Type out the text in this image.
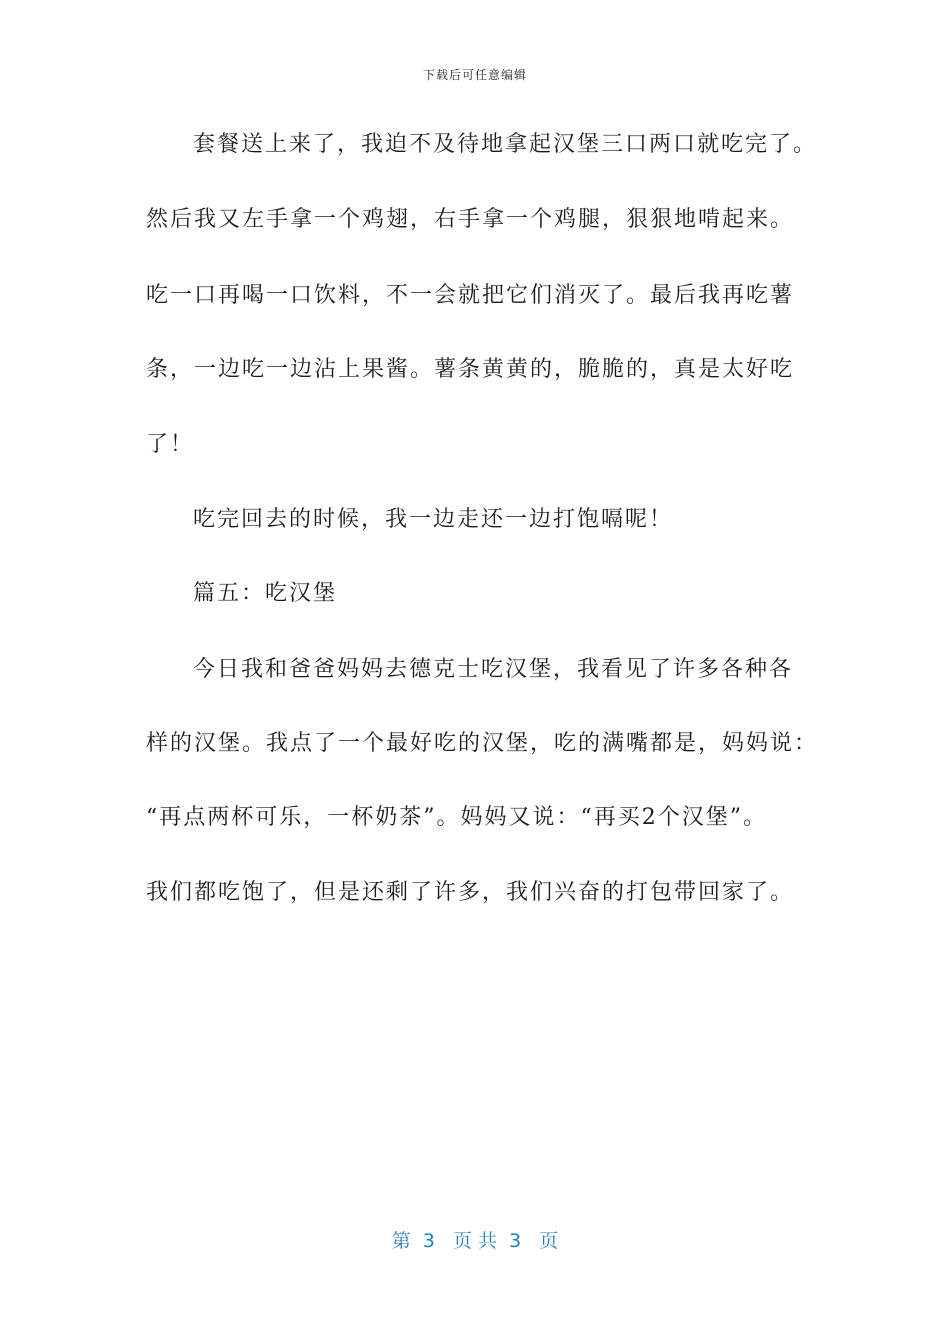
下载后可任意编辑
套餐送上来了，我迫不及待地拿起汉堡三口两口就吃完了。
然后我又左手拿一个鸡翅，右手拿一个鸡腿，狠狠地啃起来。
吃一口再喝一口饮料，不一会就把它们消灭了。最后我再吃薯
条，一边吃一边沾上果酱。薯条黄黄的，脆脆的，真是太好吃
了！
吃完回去的时候，我一边走还一边打饱嗝呢！
篇五：吃汉堡
今日我和爸爸妈妈去德克士吃汉堡，我看见了许多各种各
样的汉堡。我点了一个最好吃的汉堡，吃的满嘴都是，妈妈说：
“再点两杯可乐，一杯奶茶”。妈妈又说：“再买2个汉堡”。
我们都吃饱了，但是还剩了许多，我们兴奋的打包带回家了。
第  3   页 共  3   页
